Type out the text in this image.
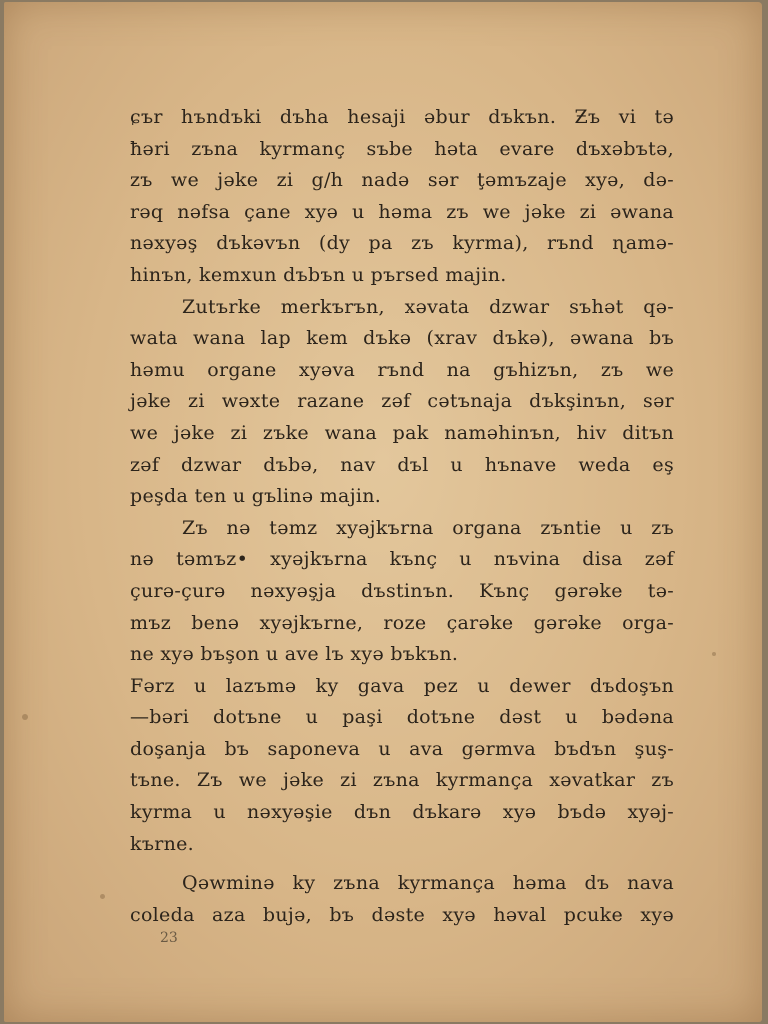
ɕъr hъndъki dъha hesaji əbur dъkъn. Ƶъ vi tə
ħəri zъna kyrmanç sъbe həta evare dъxəbъtə,
zъ we jəke zi g/h nadə sər ţəmъzaje xyə, də-
rəq nəfsa çane xyə u həma zъ we jəke zi əwana
nəxyəş dъkəvъn (dy pa zъ kyrma), rъnd ɳamə-
hinъn, kemxun dъbъn u pъrsed majin.
Zutъrke merkъrъn, xəvata dzwar sъhət qə-
wata wana lap kem dъkə (xrav dъkə), əwana bъ
həmu organe xyəva rъnd na gъhizъn, zъ we
jəke zi wəxte razane zəf cətъnaja dъkşinъn, sər
we jəke zi zъke wana pak naməhinъn, hiv ditъn
zəf dzwar dъbə, nav dъl u hъnave weda eş
peşda ten u gъlinə majin.
Zъ nə təmz xyəjkъrna organa zъntie u zъ
nə təmъz• xyəjkъrna kъnç u nъvina disa zəf
çurə-çurə nəxyəşja dъstinъn. Kъnç gərəke tə-
mъz benə xyəjkъrne, roze çarəke gərəke orga-
ne xyə bъşon u ave lъ xyə bъkъn.
Fərz u lazъmə ky gava pez u dewer dъdoşъn
—bəri dotъne u paşi dotъne dəst u bədəna
doşanja bъ saponeva u ava gərmva bъdъn şuş-
tъne. Zъ we jəke zi zъna kyrmança xəvatkar zъ
kyrma u nəxyəşie dъn dъkarə xyə bъdə xyəj-
kъrne.
Qəwminə ky zъna kyrmança həma dъ nava
coleda aza bujə, bъ dəste xyə həval pcuke xyə
23
